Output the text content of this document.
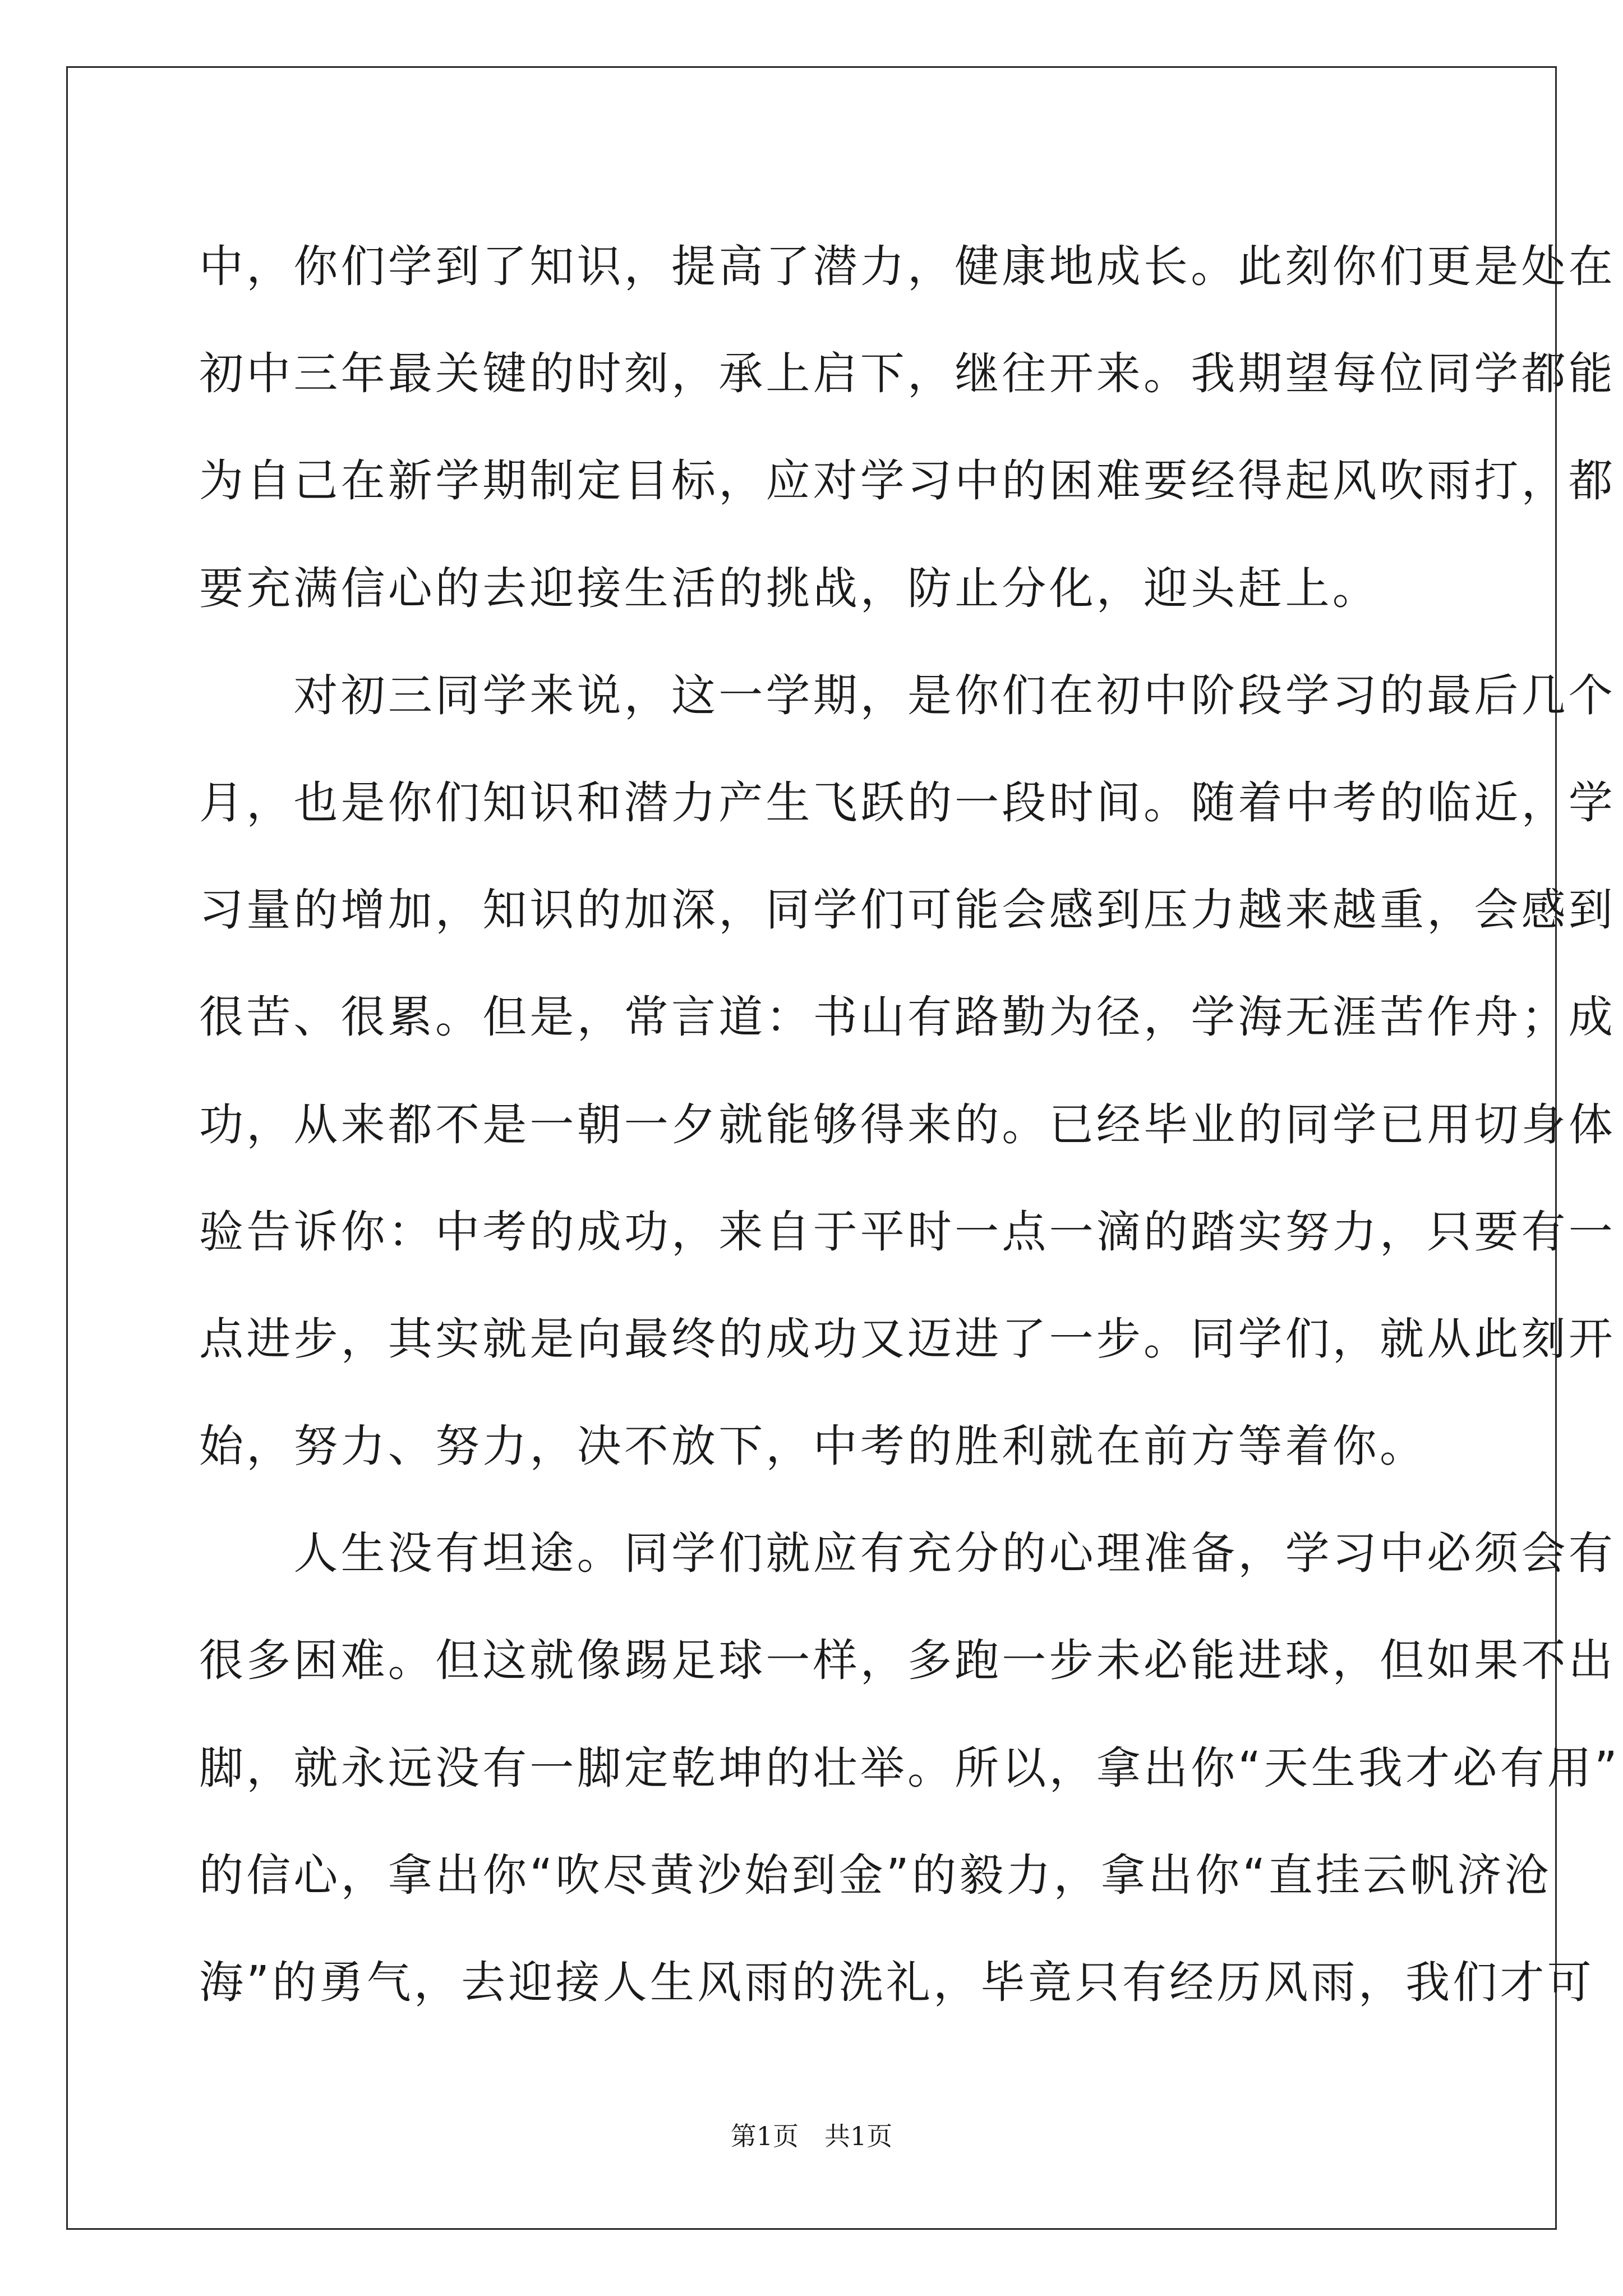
中，你们学到了知识，提高了潜力，健康地成长。此刻你们更是处在
初中三年最关键的时刻，承上启下，继往开来。我期望每位同学都能
为自己在新学期制定目标，应对学习中的困难要经得起风吹雨打，都
要充满信心的去迎接生活的挑战，防止分化，迎头赶上。
　　对初三同学来说，这一学期，是你们在初中阶段学习的最后几个
月，也是你们知识和潜力产生飞跃的一段时间。随着中考的临近，学
习量的增加，知识的加深，同学们可能会感到压力越来越重，会感到
很苦、很累。但是，常言道：书山有路勤为径，学海无涯苦作舟；成
功，从来都不是一朝一夕就能够得来的。已经毕业的同学已用切身体
验告诉你：中考的成功，来自于平时一点一滴的踏实努力，只要有一
点进步，其实就是向最终的成功又迈进了一步。同学们，就从此刻开
始，努力、努力，决不放下，中考的胜利就在前方等着你。
　　人生没有坦途。同学们就应有充分的心理准备，学习中必须会有
很多困难。但这就像踢足球一样，多跑一步未必能进球，但如果不出
脚，就永远没有一脚定乾坤的壮举。所以，拿出你“天生我才必有用”
的信心，拿出你“吹尽黄沙始到金”的毅力，拿出你“直挂云帆济沧
海”的勇气，去迎接人生风雨的洗礼，毕竟只有经历风雨，我们才可
第1页　共1页
